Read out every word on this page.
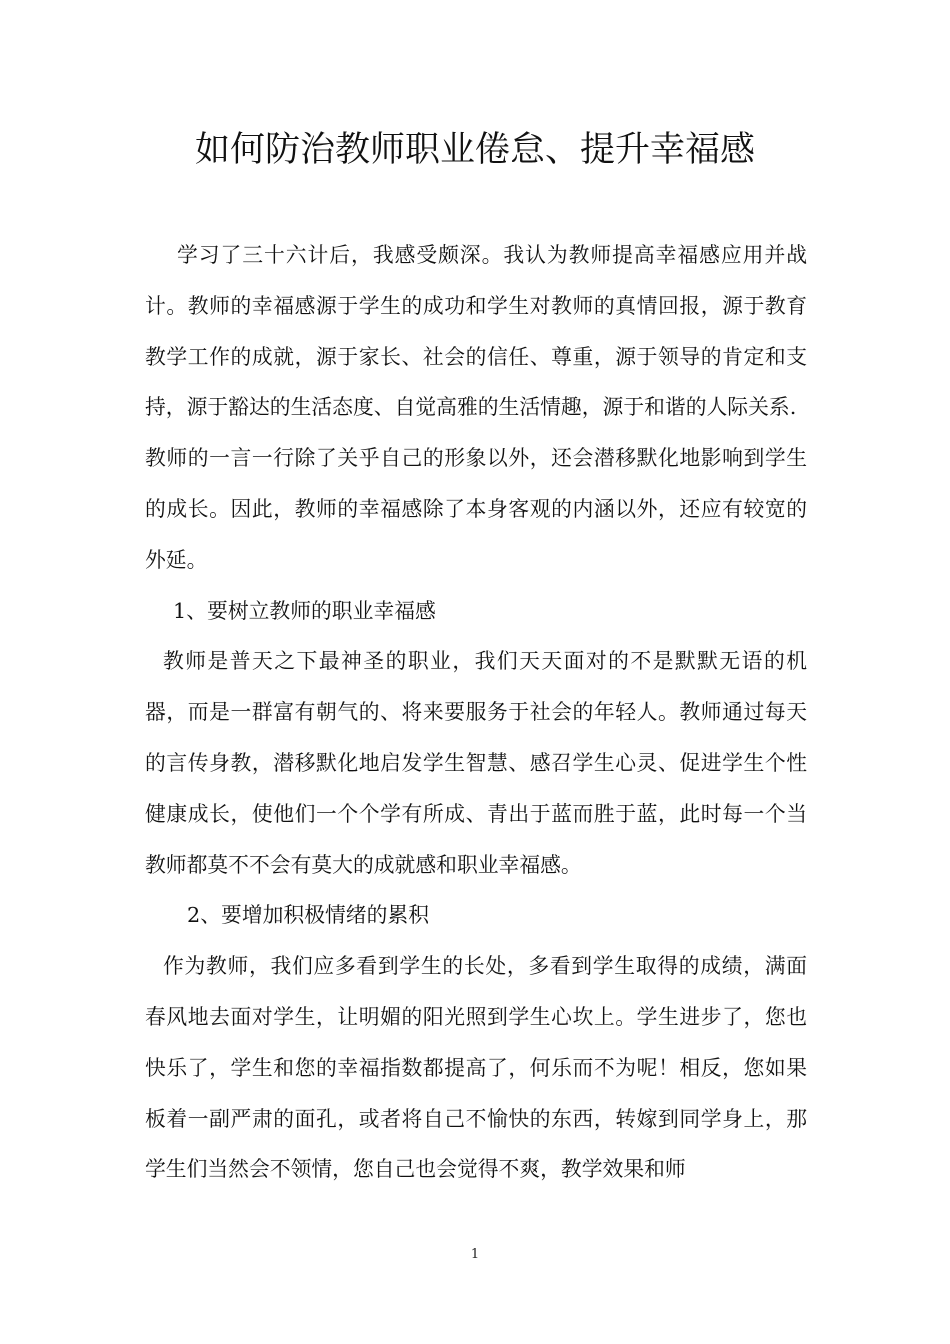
如何防治教师职业倦怠、提升幸福感

学习了三十六计后，我感受颇深。我认为教师提高幸福感应用并战计。教师的幸福感源于学生的成功和学生对教师的真情回报，源于教育教学工作的成就，源于家长、社会的信任、尊重，源于领导的肯定和支持，源于豁达的生活态度、自觉高雅的生活情趣，源于和谐的人际关系.

教师的一言一行除了关乎自己的形象以外，还会潜移默化地影响到学生的成长。因此，教师的幸福感除了本身客观的内涵以外，还应有较宽的外延。

1、要树立教师的职业幸福感

教师是普天之下最神圣的职业，我们天天面对的不是默默无语的机器，而是一群富有朝气的、将来要服务于社会的年轻人。教师通过每天的言传身教，潜移默化地启发学生智慧、感召学生心灵、促进学生个性健康成长，使他们一个个学有所成、青出于蓝而胜于蓝，此时每一个当教师都莫不不会有莫大的成就感和职业幸福感。

2、要增加积极情绪的累积

作为教师，我们应多看到学生的长处，多看到学生取得的成绩，满面春风地去面对学生，让明媚的阳光照到学生心坎上。学生进步了，您也快乐了，学生和您的幸福指数都提高了，何乐而不为呢！相反，您如果板着一副严肃的面孔，或者将自己不愉快的东西，转嫁到同学身上，那学生们当然会不领情，您自己也会觉得不爽，教学效果和师

1
